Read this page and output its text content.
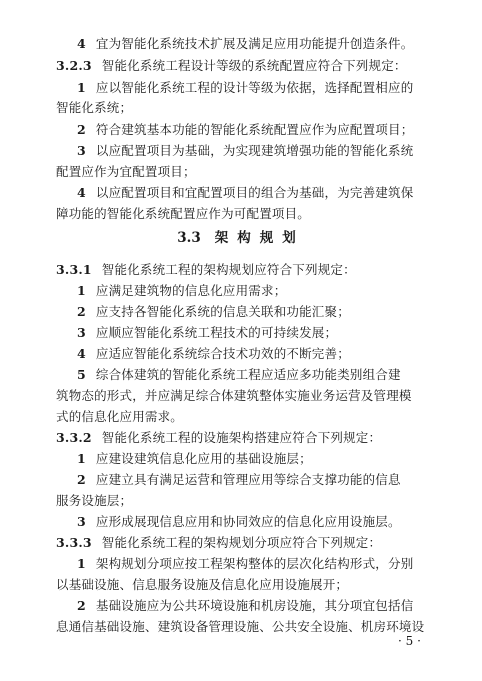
4 宜为智能化系统技术扩展及满足应用功能提升创造条件。
3.2.3 智能化系统工程设计等级的系统配置应符合下列规定：
1 应以智能化系统工程的设计等级为依据，选择配置相应的
智能化系统；
2 符合建筑基本功能的智能化系统配置应作为应配置项目；
3 以应配置项目为基础，为实现建筑增强功能的智能化系统
配置应作为宜配置项目；
4 以应配置项目和宜配置项目的组合为基础，为完善建筑保
障功能的智能化系统配置应作为可配置项目。
3.3 架构规划
3.3.1 智能化系统工程的架构规划应符合下列规定：
1 应满足建筑物的信息化应用需求；
2 应支持各智能化系统的信息关联和功能汇聚；
3 应顺应智能化系统工程技术的可持续发展；
4 应适应智能化系统综合技术功效的不断完善；
5 综合体建筑的智能化系统工程应适应多功能类别组合建
筑物态的形式，并应满足综合体建筑整体实施业务运营及管理模
式的信息化应用需求。
3.3.2 智能化系统工程的设施架构搭建应符合下列规定：
1 应建设建筑信息化应用的基础设施层；
2 应建立具有满足运营和管理应用等综合支撑功能的信息
服务设施层；
3 应形成展现信息应用和协同效应的信息化应用设施层。
3.3.3 智能化系统工程的架构规划分项应符合下列规定：
1 架构规划分项应按工程架构整体的层次化结构形式，分别
以基础设施、信息服务设施及信息化应用设施展开；
2 基础设施应为公共环境设施和机房设施，其分项宜包括信
息通信基础设施、建筑设备管理设施、公共安全设施、机房环境设
· 5 ·
